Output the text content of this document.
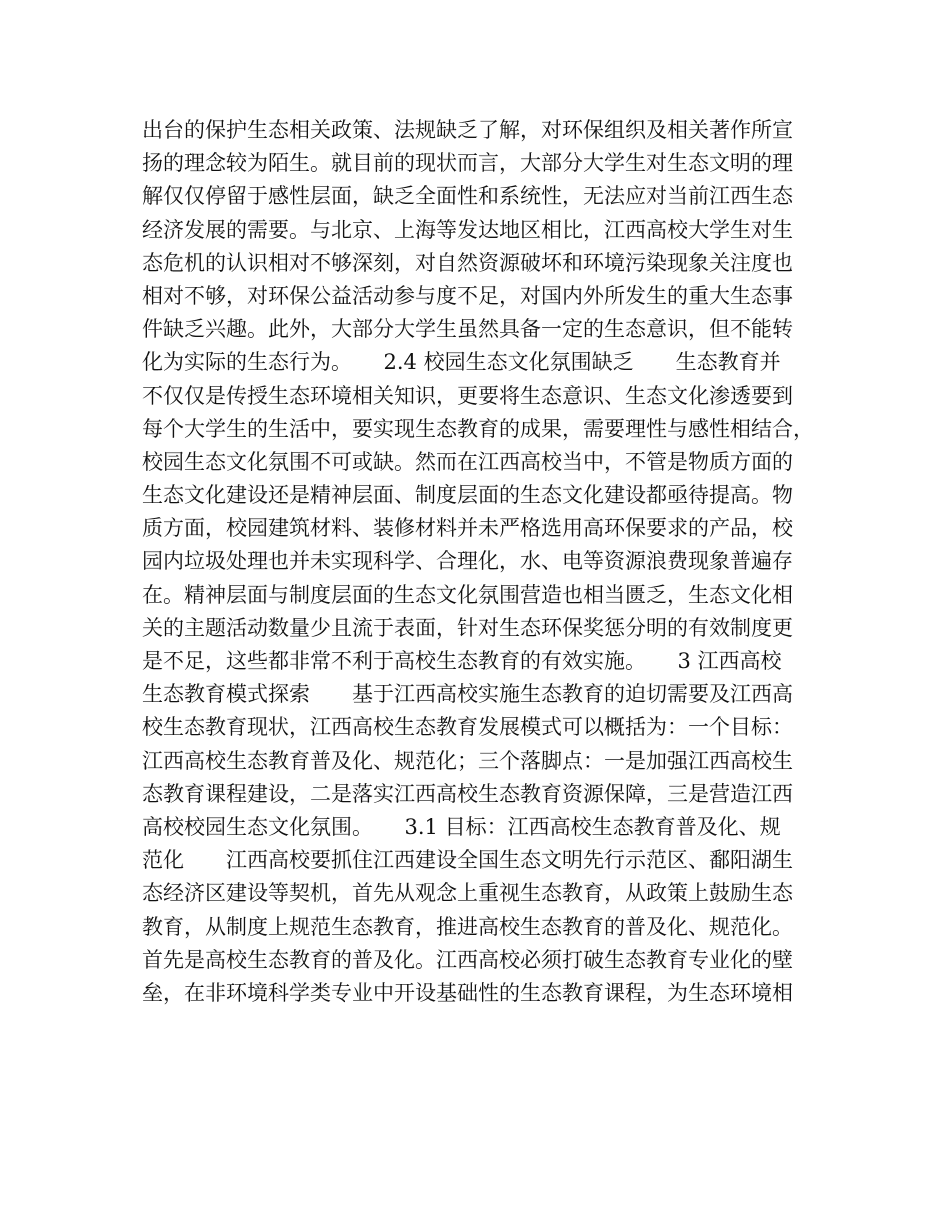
出台的保护生态相关政策、法规缺乏了解，对环保组织及相关著作所宣
扬的理念较为陌生。就目前的现状而言，大部分大学生对生态文明的理
解仅仅停留于感性层面，缺乏全面性和系统性，无法应对当前江西生态
经济发展的需要。与北京、上海等发达地区相比，江西高校大学生对生
态危机的认识相对不够深刻，对自然资源破坏和环境污染现象关注度也
相对不够，对环保公益活动参与度不足，对国内外所发生的重大生态事
件缺乏兴趣。此外，大部分大学生虽然具备一定的生态意识，但不能转
化为实际的生态行为。　　2.4 校园生态文化氛围缺乏　　生态教育并
不仅仅是传授生态环境相关知识，更要将生态意识、生态文化渗透要到
每个大学生的生活中，要实现生态教育的成果，需要理性与感性相结合，
校园生态文化氛围不可或缺。然而在江西高校当中，不管是物质方面的
生态文化建设还是精神层面、制度层面的生态文化建设都亟待提高。物
质方面，校园建筑材料、装修材料并未严格选用高环保要求的产品，校
园内垃圾处理也并未实现科学、合理化，水、电等资源浪费现象普遍存
在。精神层面与制度层面的生态文化氛围营造也相当匮乏，生态文化相
关的主题活动数量少且流于表面，针对生态环保奖惩分明的有效制度更
是不足，这些都非常不利于高校生态教育的有效实施。　　3 江西高校
生态教育模式探索　　基于江西高校实施生态教育的迫切需要及江西高
校生态教育现状，江西高校生态教育发展模式可以概括为：一个目标：
江西高校生态教育普及化、规范化；三个落脚点：一是加强江西高校生
态教育课程建设，二是落实江西高校生态教育资源保障，三是营造江西
高校校园生态文化氛围。　　3.1 目标：江西高校生态教育普及化、规
范化　　江西高校要抓住江西建设全国生态文明先行示范区、鄱阳湖生
态经济区建设等契机，首先从观念上重视生态教育，从政策上鼓励生态
教育，从制度上规范生态教育，推进高校生态教育的普及化、规范化。
首先是高校生态教育的普及化。江西高校必须打破生态教育专业化的壁
垒，在非环境科学类专业中开设基础性的生态教育课程，为生态环境相
